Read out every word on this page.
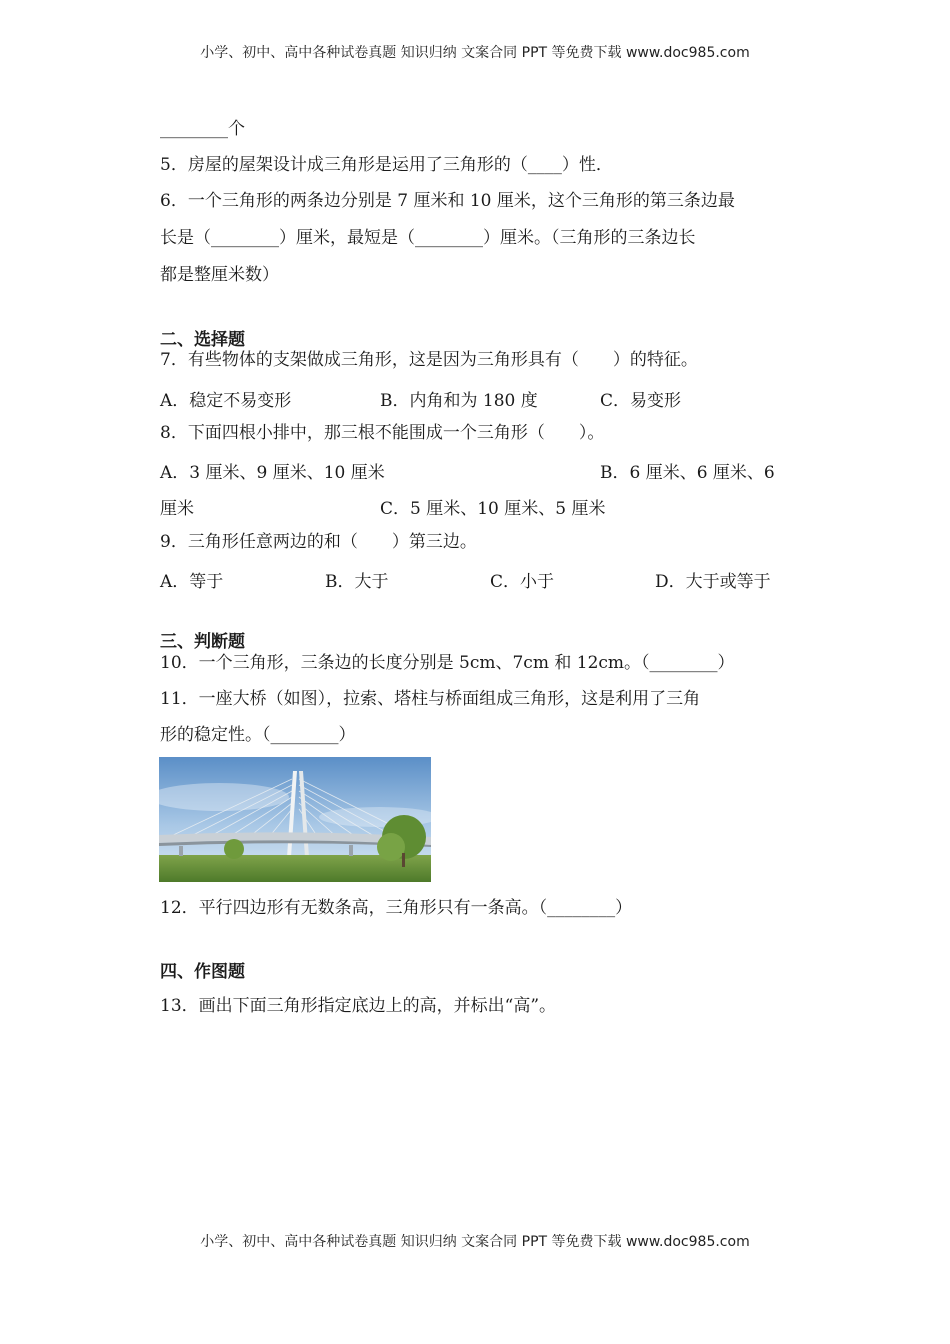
小学、初中、高中各种试卷真题 知识归纳 文案合同 PPT 等免费下载 www.doc985.com
________个
5．房屋的屋架设计成三角形是运用了三角形的（____）性．
6．一个三角形的两条边分别是 7 厘米和 10 厘米，这个三角形的第三条边最
长是（________）厘米，最短是（________）厘米。（三角形的三条边长
都是整厘米数）
二、选择题
7．有些物体的支架做成三角形，这是因为三角形具有（　　）的特征。
A．稳定不易变形	B．内角和为 180 度	C．易变形
8．下面四根小排中，那三根不能围成一个三角形（　　）。
A．3 厘米、9 厘米、10 厘米	B．6 厘米、6 厘米、6
厘米	C．5 厘米、10 厘米、5 厘米
9．三角形任意两边的和（　　）第三边。
A．等于	B．大于	C．小于	D．大于或等于
三、判断题
10．一个三角形，三条边的长度分别是 5cm、7cm 和 12cm。（________）
11．一座大桥（如图），拉索、塔柱与桥面组成三角形，这是利用了三角
形的稳定性。（________）
12．平行四边形有无数条高，三角形只有一条高。（________）
四、作图题
13．画出下面三角形指定底边上的高，并标出“高”。
小学、初中、高中各种试卷真题 知识归纳 文案合同 PPT 等免费下载 www.doc985.com
